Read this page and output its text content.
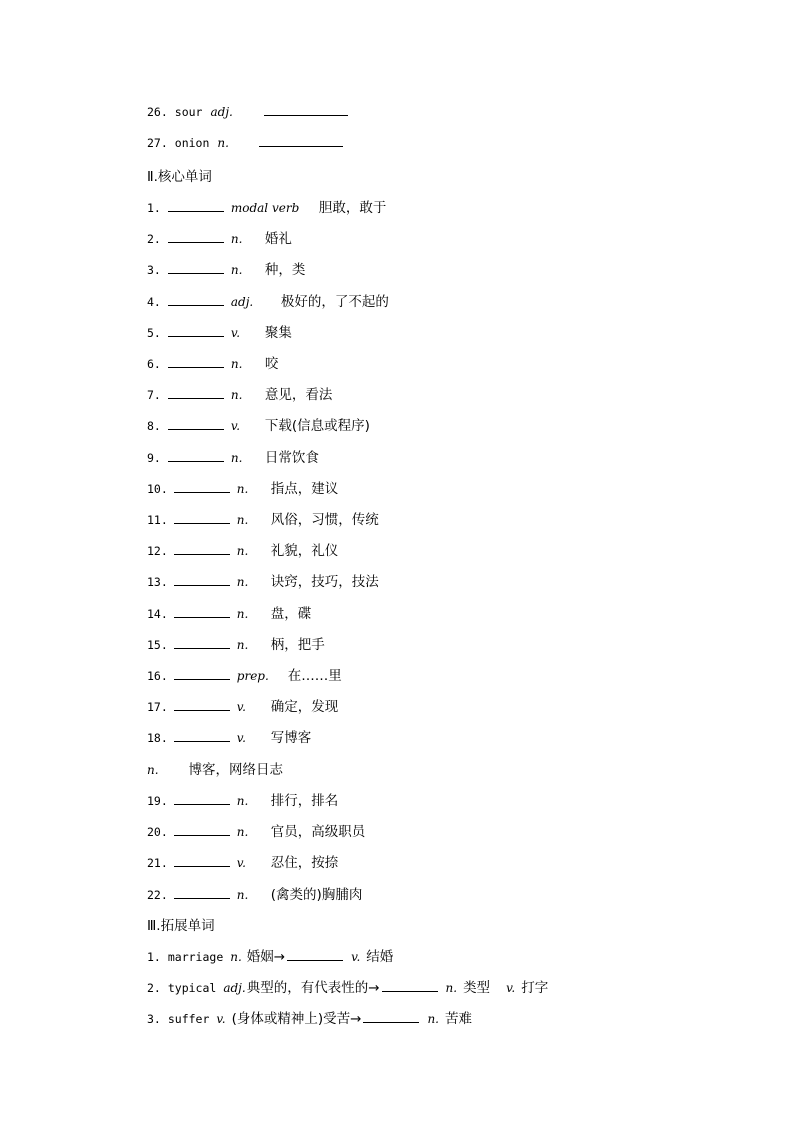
26. sour adj.
27. onion n.
Ⅱ.核心单词
1.	modal verb	胆敢，敢于
2.	n.	婚礼
3.	n.	种，类
4.	adj.	极好的，了不起的
5.	v.	聚集
6.	n.	咬
7.	n.	意见，看法
8.	v.	下载(信息或程序)
9.	n.	日常饮食
10.	n.	指点，建议
11.	n.	风俗，习惯，传统
12.	n.	礼貌，礼仪
13.	n.	诀窍，技巧，技法
14.	n.	盘，碟
15.	n.	柄，把手
16.	prep. 在……里
17.	v.	确定，发现
18.	v.	写博客
n. 博客，网络日志
19.	n.	排行，排名
20.	n.	官员，高级职员
21.	v.	忍住，按捺
22.	n.	(禽类的)胸脯肉
Ⅲ.拓展单词
1. marriage n. 婚姻→	v. 结婚
2. typical adj. 典型的，有代表性的→	n. 类型 v. 打字
3. suffer v. (身体或精神上)受苦→	n. 苦难
